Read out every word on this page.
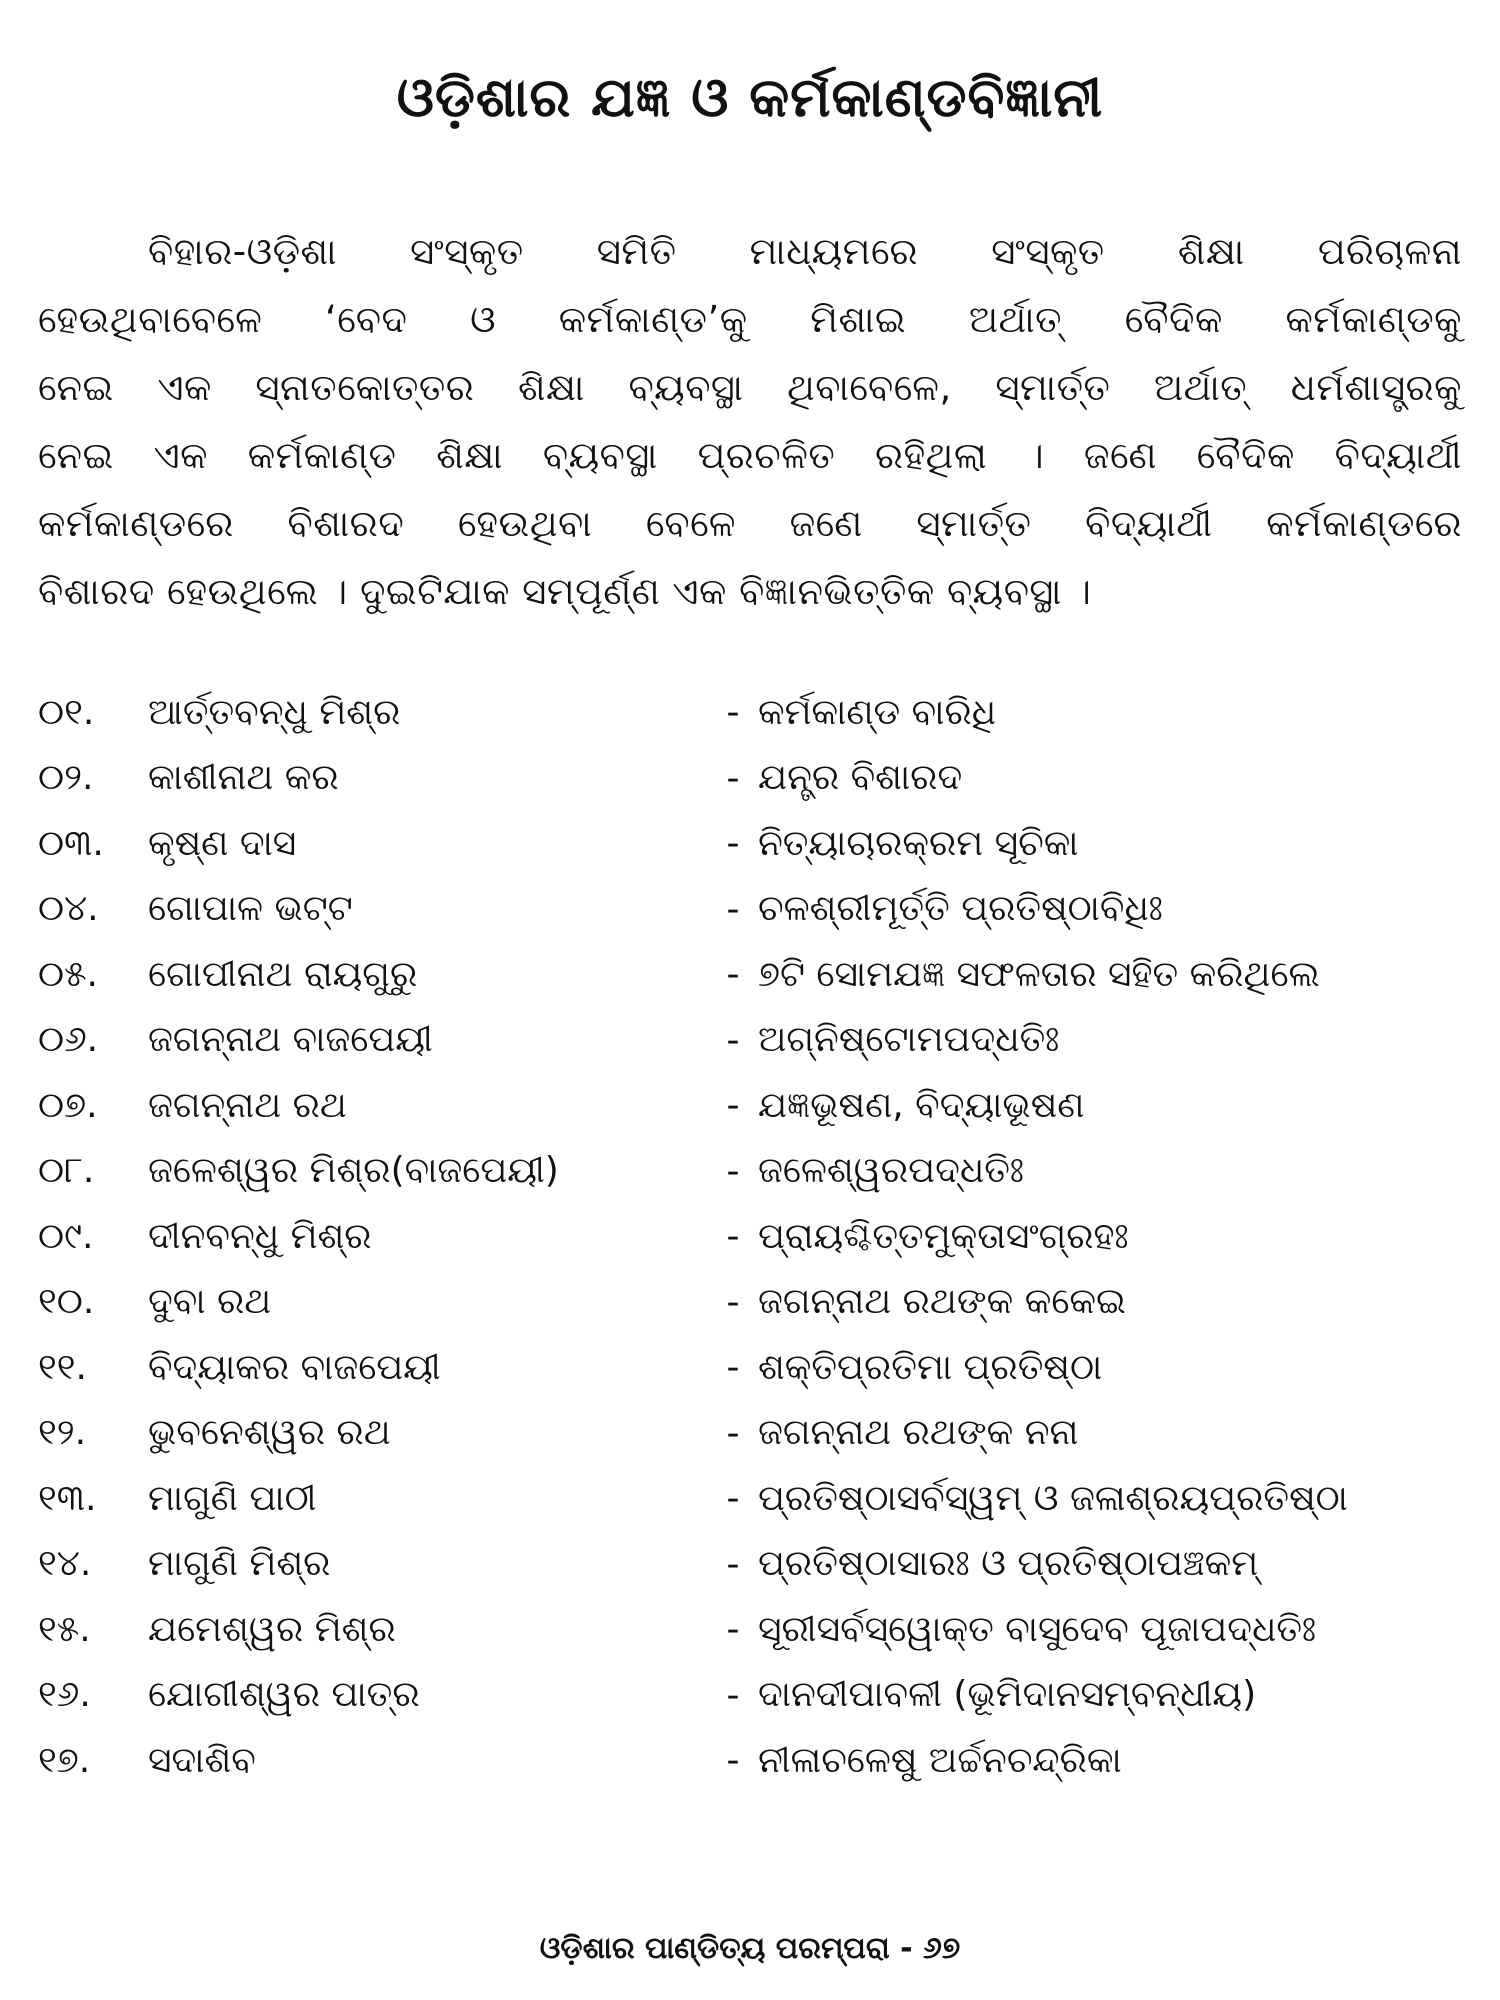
ଓଡ଼ିଶାର ଯଜ୍ଞ ଓ କର୍ମକାଣ୍ଡବିଜ୍ଞାନୀ
ବିହାର-ଓଡ଼ିଶା ସଂସ୍କୃତ ସମିତି ମାଧ୍ୟମରେ ସଂସ୍କୃତ ଶିକ୍ଷା ପରିଚାଳନା
ହେଉଥିବାବେଳେ ‘ବେଦ ଓ କର୍ମକାଣ୍ଡ’କୁ ମିଶାଇ ଅର୍ଥାତ୍ ବୈଦିକ କର୍ମକାଣ୍ଡକୁ
ନେଇ ଏକ ସ୍ନାତକୋତ୍ତର ଶିକ୍ଷା ବ୍ୟବସ୍ଥା ଥିବାବେଳେ, ସ୍ମାର୍ତ୍ତ ଅର୍ଥାତ୍ ଧର୍ମଶାସ୍ତ୍ରକୁ
ନେଇ ଏକ କର୍ମକାଣ୍ଡ ଶିକ୍ଷା ବ୍ୟବସ୍ଥା ପ୍ରଚଳିତ ରହିଥିଲା । ଜଣେ ବୈଦିକ ବିଦ୍ୟାର୍ଥୀ
କର୍ମକାଣ୍ଡରେ ବିଶାରଦ ହେଉଥିବା ବେଳେ ଜଣେ ସ୍ମାର୍ତ୍ତ ବିଦ୍ୟାର୍ଥୀ କର୍ମକାଣ୍ଡରେ
ବିଶାରଦ ହେଉଥିଲେ । ଦୁଇଟିଯାକ ସମ୍ପୂର୍ଣ୍ଣ ଏକ ବିଜ୍ଞାନଭିତ୍ତିକ ବ୍ୟବସ୍ଥା ।
୦୧.	ଆର୍ତ୍ତବନ୍ଧୁ ମିଶ୍ର	- କର୍ମକାଣ୍ଡ ବାରିଧି
୦୨.	କାଶୀନାଥ କର	- ଯନ୍ତ୍ର ବିଶାରଦ
୦୩.	କୃଷ୍ଣ ଦାସ	- ନିତ୍ୟାଚାରକ୍ରମ ସୂଚିକା
୦୪.	ଗୋପାଳ ଭଟ୍ଟ	- ଚଳଶ୍ରୀମୂର୍ତ୍ତି ପ୍ରତିଷ୍ଠାବିଧିଃ
୦୫.	ଗୋପୀନାଥ ରାୟଗୁରୁ	- ୭ଟି ସୋମଯଜ୍ଞ ସଫଳତାର ସହିତ କରିଥିଲେ
୦୬.	ଜଗନ୍ନାଥ ବାଜପେୟୀ	- ଅଗ୍ନିଷ୍ଟୋମପଦ୍ଧତିଃ
୦୭.	ଜଗନ୍ନାଥ ରଥ	- ଯଜ୍ଞଭୂଷଣ, ବିଦ୍ୟାଭୂଷଣ
୦୮.	ଜଳେଶ୍ୱର ମିଶ୍ର(ବାଜପେୟୀ)	- ଜଳେଶ୍ୱରପଦ୍ଧତିଃ
୦୯.	ଦୀନବନ୍ଧୁ ମିଶ୍ର	- ପ୍ରାୟଶ୍ଚିତ୍ତମୁକ୍ତାସଂଗ୍ରହଃ
୧୦.	ଦୁବା ରଥ	- ଜଗନ୍ନାଥ ରଥଙ୍କ କକେଇ
୧୧.	ବିଦ୍ୟାକର ବାଜପେୟୀ	- ଶକ୍ତିପ୍ରତିମା ପ୍ରତିଷ୍ଠା
୧୨.	ଭୁବନେଶ୍ୱର ରଥ	- ଜଗନ୍ନାଥ ରଥଙ୍କ ନନା
୧୩.	ମାଗୁଣି ପାଠୀ	- ପ୍ରତିଷ୍ଠାସର୍ବସ୍ୱମ୍ ଓ ଜଳାଶ୍ରୟପ୍ରତିଷ୍ଠା
୧୪.	ମାଗୁଣି ମିଶ୍ର	- ପ୍ରତିଷ୍ଠାସାରଃ ଓ ପ୍ରତିଷ୍ଠାପଞ୍ଚକମ୍
୧୫.	ଯମେଶ୍ୱର ମିଶ୍ର	- ସୂରୀସର୍ବସ୍ୱୋକ୍ତ ବାସୁଦେବ ପୂଜାପଦ୍ଧତିଃ
୧୬.	ଯୋଗୀଶ୍ୱର ପାତ୍ର	- ଦାନଦୀପାବଳୀ (ଭୂମିଦାନସମ୍ବନ୍ଧୀୟ)
୧୭.	ସଦାଶିବ	- ନୀଳାଚଳେଷୁ ଅର୍ଚ୍ଚନଚନ୍ଦ୍ରିକା
ଓଡ଼ିଶାର ପାଣ୍ଡିତ୍ୟ ପରମ୍ପରା - ୬୭
